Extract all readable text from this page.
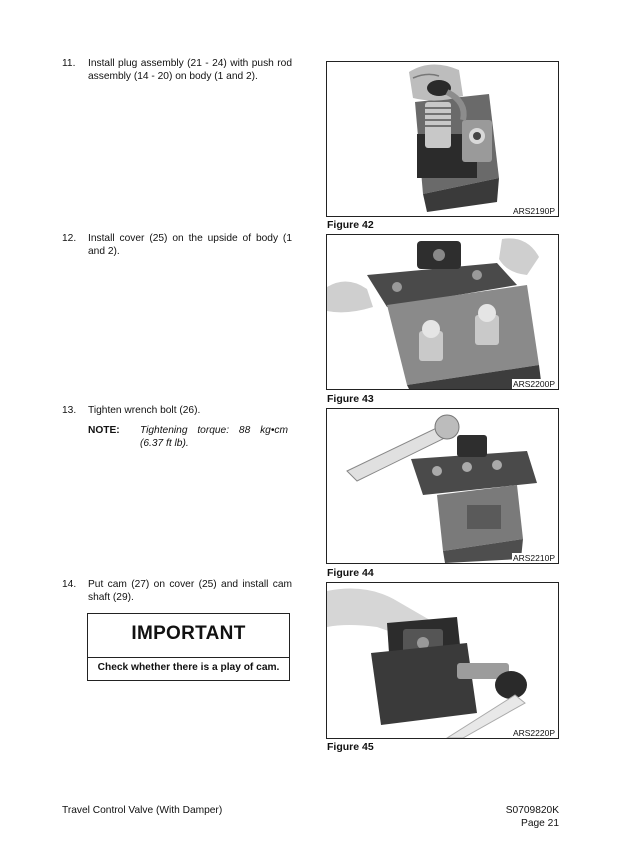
11. Install plug assembly (21 - 24) with push rod assembly (14 - 20) on body (1 and 2).
12. Install cover (25) on the upside of body (1 and 2).
13. Tighten wrench bolt (26).
NOTE: Tightening torque: 88 kg•cm (6.37 ft lb).
14. Put cam (27) on cover (25) and install cam shaft (29).
IMPORTANT
Check whether there is a play of cam.
ARS2190P
Figure 42
ARS2200P
Figure 43
ARS2210P
Figure 44
ARS2220P
Figure 45
Travel Control Valve (With Damper)	S0709820K
Page 21
